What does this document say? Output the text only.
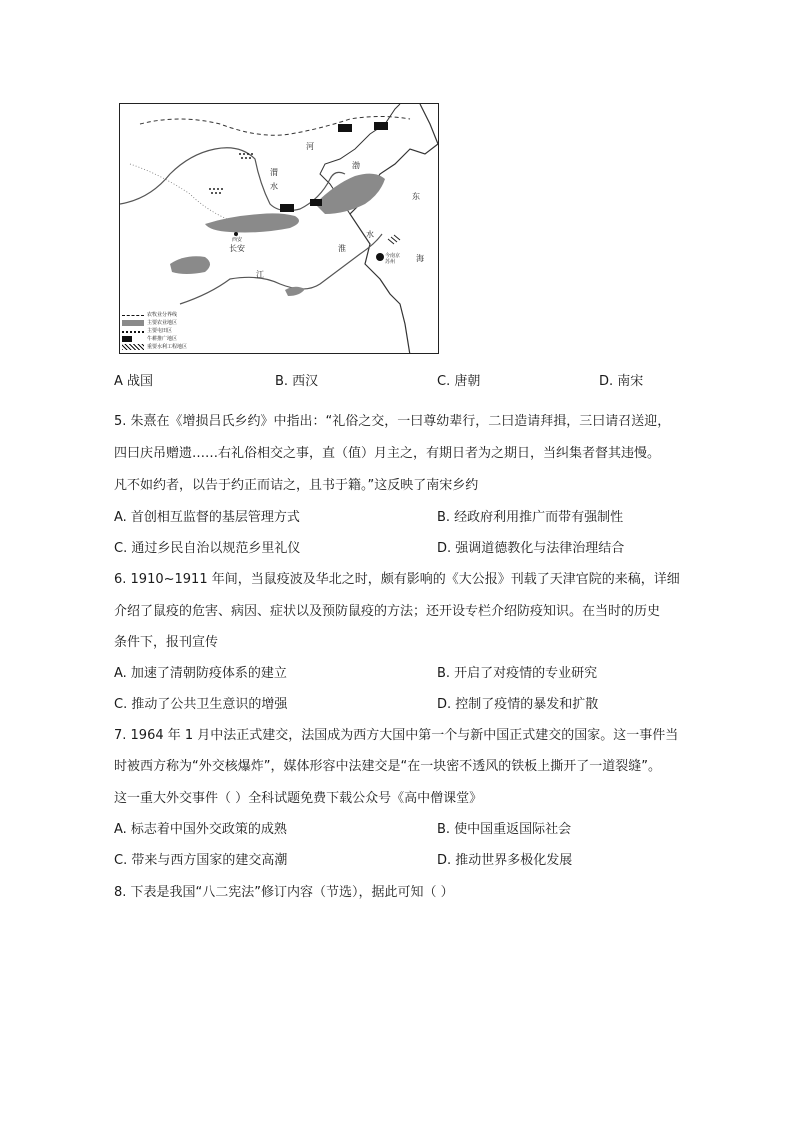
渭
水
河
渤
东
淮
水
江
海
西安
长安
今南京苏州
农牧业分界线
主要农业地区
主要屯田区
牛耕推广地区
重要水利工程地区
A 战国	B. 西汉	C. 唐朝	D. 南宋
5. 朱熹在《增损吕氏乡约》中指出：“礼俗之交，一曰尊幼辈行，二曰造请拜揖，三曰请召送迎，
四曰庆吊赠遗……右礼俗相交之事，直（值）月主之，有期日者为之期日，当纠集者督其违慢。
凡不如约者，以告于约正而诘之，且书于籍。”这反映了南宋乡约
A. 首创相互监督的基层管理方式	B. 经政府利用推广而带有强制性
C. 通过乡民自治以规范乡里礼仪	D. 强调道德教化与法律治理结合
6. 1910~1911 年间，当鼠疫波及华北之时，颇有影响的《大公报》刊载了天津官院的来稿，详细
介绍了鼠疫的危害、病因、症状以及预防鼠疫的方法；还开设专栏介绍防疫知识。在当时的历史
条件下，报刊宣传
A. 加速了清朝防疫体系的建立	B. 开启了对疫情的专业研究
C. 推动了公共卫生意识的增强	D. 控制了疫情的暴发和扩散
7. 1964 年 1 月中法正式建交，法国成为西方大国中第一个与新中国正式建交的国家。这一事件当
时被西方称为“外交核爆炸”，媒体形容中法建交是“在一块密不透风的铁板上撕开了一道裂缝”。
这一重大外交事件（ ）全科试题免费下载公众号《高中僧课堂》
A. 标志着中国外交政策的成熟	B. 使中国重返国际社会
C. 带来与西方国家的建交高潮	D. 推动世界多极化发展
8. 下表是我国“八二宪法”修订内容（节选），据此可知（ ）
